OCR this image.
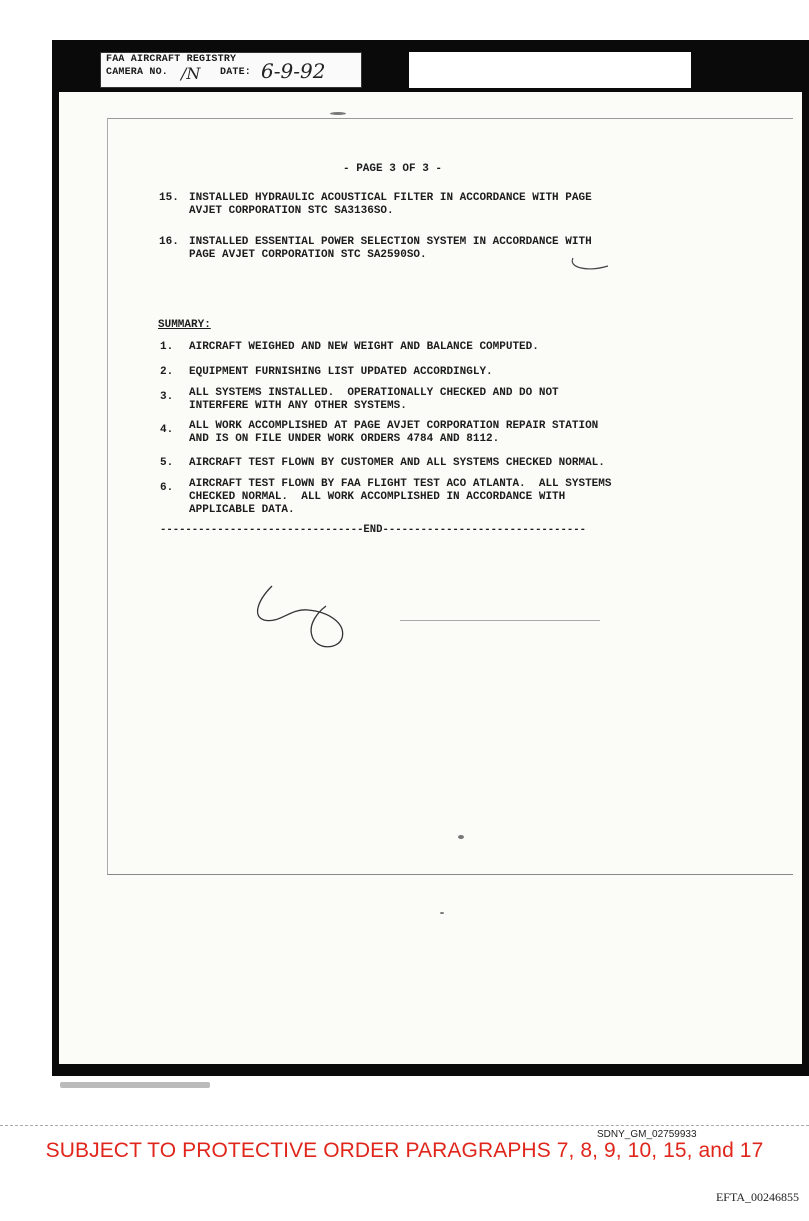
FAA AIRCRAFT REGISTRY
CAMERA NO. /N DATE: 6-9-92
- PAGE 3 OF 3 -
15. INSTALLED HYDRAULIC ACOUSTICAL FILTER IN ACCORDANCE WITH PAGE
AVJET CORPORATION STC SA3136SO.
16. INSTALLED ESSENTIAL POWER SELECTION SYSTEM IN ACCORDANCE WITH
PAGE AVJET CORPORATION STC SA2590SO.
SUMMARY:
1. AIRCRAFT WEIGHED AND NEW WEIGHT AND BALANCE COMPUTED.
2. EQUIPMENT FURNISHING LIST UPDATED ACCORDINGLY.
3. ALL SYSTEMS INSTALLED.  OPERATIONALLY CHECKED AND DO NOT
INTERFERE WITH ANY OTHER SYSTEMS.
4. ALL WORK ACCOMPLISHED AT PAGE AVJET CORPORATION REPAIR STATION
AND IS ON FILE UNDER WORK ORDERS 4784 AND 8112.
5. AIRCRAFT TEST FLOWN BY CUSTOMER AND ALL SYSTEMS CHECKED NORMAL.
6. AIRCRAFT TEST FLOWN BY FAA FLIGHT TEST ACO ATLANTA.  ALL SYSTEMS
CHECKED NORMAL.  ALL WORK ACCOMPLISHED IN ACCORDANCE WITH
APPLICABLE DATA.
--------------------------------END--------------------------------
SDNY_GM_02759933
SUBJECT TO PROTECTIVE ORDER PARAGRAPHS 7, 8, 9, 10, 15, and 17
EFTA_00246855
